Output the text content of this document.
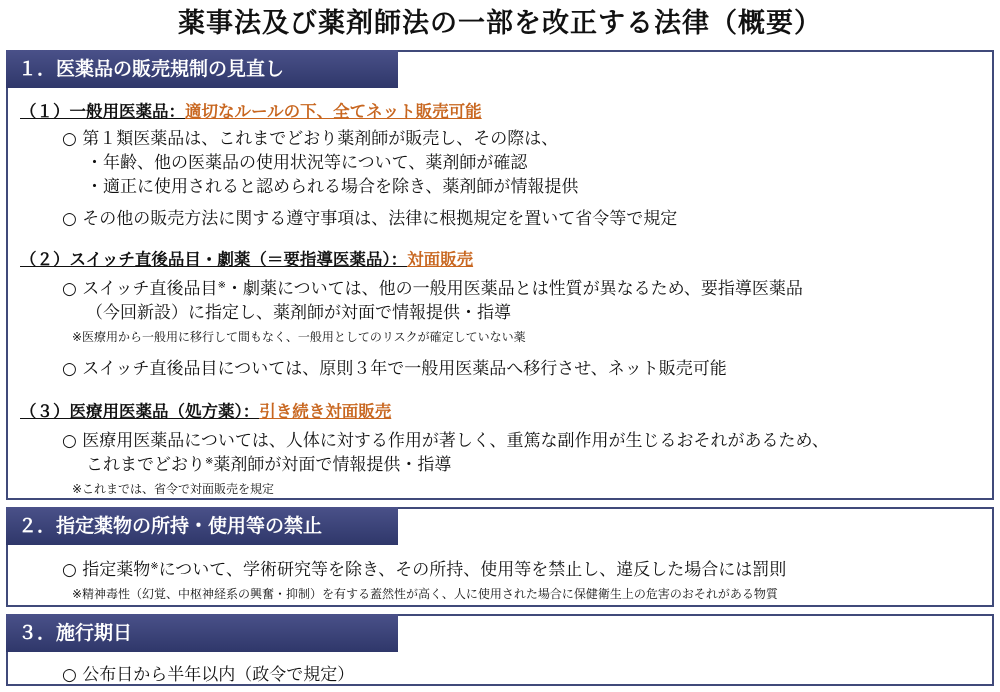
薬事法及び薬剤師法の一部を改正する法律（概要）
１．医薬品の販売規制の見直し
（１）一般用医薬品：適切なルールの下、全てネット販売可能
○ 第１類医薬品は、これまでどおり薬剤師が販売し、その際は、
・年齢、他の医薬品の使用状況等について、薬剤師が確認
・適正に使用されると認められる場合を除き、薬剤師が情報提供
○ その他の販売方法に関する遵守事項は、法律に根拠規定を置いて省令等で規定
（２）スイッチ直後品目・劇薬（＝要指導医薬品）：対面販売
○ スイッチ直後品目※・劇薬については、他の一般用医薬品とは性質が異なるため、要指導医薬品
（今回新設）に指定し、薬剤師が対面で情報提供・指導
※医療用から一般用に移行して間もなく、一般用としてのリスクが確定していない薬
○ スイッチ直後品目については、原則３年で一般用医薬品へ移行させ、ネット販売可能
（３）医療用医薬品（処方薬）：引き続き対面販売
○ 医療用医薬品については、人体に対する作用が著しく、重篤な副作用が生じるおそれがあるため、
これまでどおり※薬剤師が対面で情報提供・指導
※これまでは、省令で対面販売を規定
２．指定薬物の所持・使用等の禁止
○ 指定薬物※について、学術研究等を除き、その所持、使用等を禁止し、違反した場合には罰則
※精神毒性（幻覚、中枢神経系の興奮・抑制）を有する蓋然性が高く、人に使用された場合に保健衛生上の危害のおそれがある物質
３．施行期日
○ 公布日から半年以内（政令で規定）
